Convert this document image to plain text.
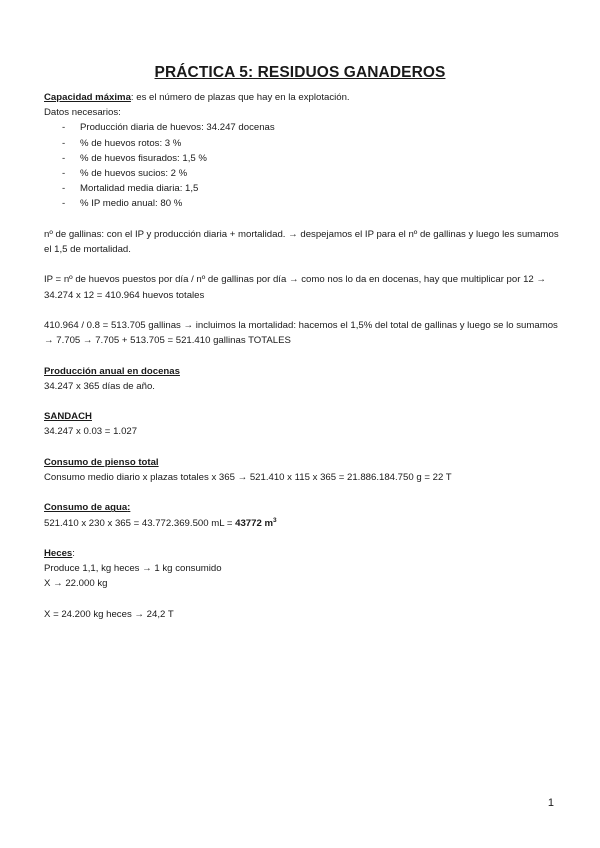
PRÁCTICA 5: RESIDUOS GANADEROS

Capacidad máxima: es el número de plazas que hay en la explotación.

Datos necesarios:

- Producción diaria de huevos: 34.247 docenas
- % de huevos rotos: 3 %
- % de huevos fisurados: 1,5 %
- % de huevos sucios: 2 %
- Mortalidad media diaria: 1,5
- % IP medio anual: 80 %

nº de gallinas: con el IP y producción diaria + mortalidad. → despejamos el IP para el nº de gallinas y luego les sumamos el 1,5 de mortalidad.

IP = nº de huevos puestos por día / nº de gallinas por día → como nos lo da en docenas, hay que multiplicar por 12 → 34.274 x 12 = 410.964 huevos totales

410.964 / 0.8 = 513.705 gallinas → incluimos la mortalidad: hacemos el 1,5% del total de gallinas y luego se lo sumamos → 7.705 → 7.705 + 513.705 = 521.410 gallinas TOTALES

Producción anual en docenas

34.247 x 365 días de año.

SANDACH

34.247 x 0.03 = 1.027

Consumo de pienso total

Consumo medio diario x plazas totales x 365 → 521.410 x 115 x 365 = 21.886.184.750 g = 22 T

Consumo de agua:

521.410 x 230 x 365 = 43.772.369.500 mL = 43772 $m^3$

Heces:

Produce 1,1, kg heces → 1 kg consumido

X → 22.000 kg

X = 24.200 kg heces → 24,2 T

1
